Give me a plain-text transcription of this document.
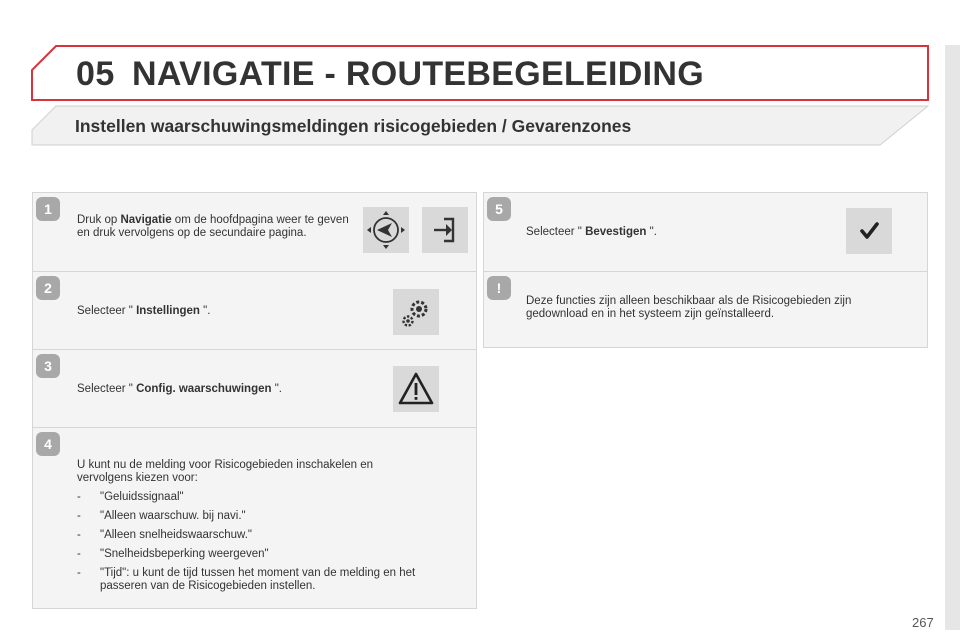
05 NAVIGATIE - ROUTEBEGELEIDING
Instellen waarschuwingsmeldingen risicogebieden / Gevarenzones
1
Druk op Navigatie om de hoofdpagina weer te geven en druk vervolgens op de secundaire pagina.
2
Selecteer " Instellingen ".
3
Selecteer " Config. waarschuwingen ".
4
U kunt nu de melding voor Risicogebieden inschakelen en vervolgens kiezen voor:
- "Geluidssignaal"
- "Alleen waarschuw. bij navi."
- "Alleen snelheidswaarschuw."
- "Snelheidsbeperking weergeven"
- "Tijd": u kunt de tijd tussen het moment van de melding en het passeren van de Risicogebieden instellen.
5
Selecteer " Bevestigen ".
!
Deze functies zijn alleen beschikbaar als de Risicogebieden zijn gedownload en in het systeem zijn geïnstalleerd.
267
